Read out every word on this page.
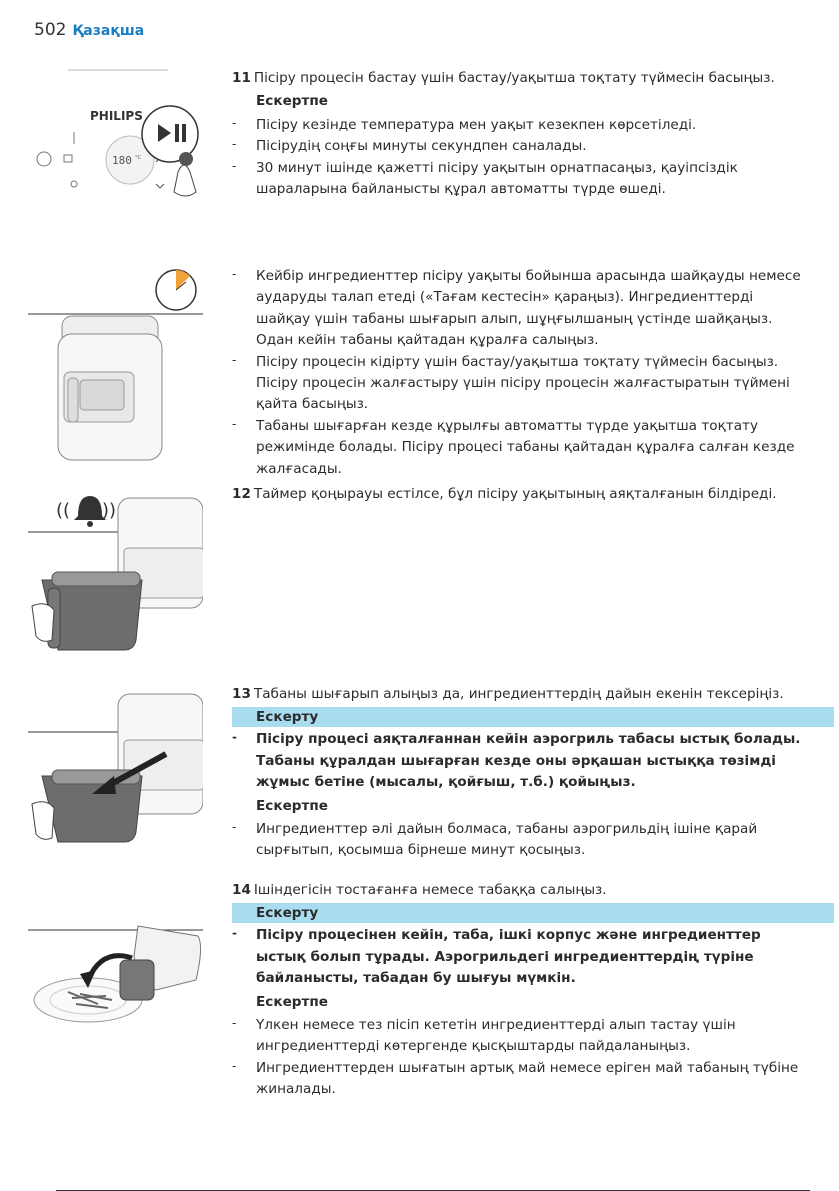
502 Қазақша
PHILIPS
180 °C
(( ))

11 Пісіру процесін бастау үшін бастау/уақытша тоқтату түймесін басыңыз.

Ескертпе
- Пісіру кезінде температура мен уақыт кезекпен көрсетіледі.
- Пісірудің соңғы минуты секундпен саналады.
- 30 минут ішінде қажетті пісіру уақытын орнатпасаңыз, қауіпсіздік шараларына байланысты құрал автоматты түрде өшеді.
- Кейбір ингредиенттер пісіру уақыты бойынша арасында шайқауды немесе аударуды талап етеді («Тағам кестесін» қараңыз). Ингредиенттерді шайқау үшін табаны шығарып алып, шұңғылшаның үстінде шайқаңыз. Одан кейін табаны қайтадан құралға салыңыз.
- Пісіру процесін кідірту үшін бастау/уақытша тоқтату түймесін басыңыз. Пісіру процесін жалғастыру үшін пісіру процесін жалғастыратын түймені қайта басыңыз.
- Табаны шығарған кезде құрылғы автоматты түрде уақытша тоқтату режимінде болады. Пісіру процесі табаны қайтадан құралға салған кезде жалғасады.

12 Таймер қоңырауы естілсе, бұл пісіру уақытының аяқталғанын білдіреді.

13 Табаны шығарып алыңыз да, ингредиенттердің дайын екенін тексеріңіз.

Ескерту
- Пісіру процесі аяқталғаннан кейін аэрогриль табасы ыстық болады. Табаны құралдан шығарған кезде оны әрқашан ыстыққа төзімді жұмыс бетіне (мысалы, қойғыш, т.б.) қойыңыз.
Ескертпе
- Ингредиенттер әлі дайын болмаса, табаны аэрогрильдің ішіне қарай сырғытып, қосымша бірнеше минут қосыңыз.

14 Ішіндегісін тостағанға немесе табаққа салыңыз.

Ескерту
- Пісіру процесінен кейін, таба, ішкі корпус және ингредиенттер ыстық болып тұрады. Аэрогрильдегі ингредиенттердің түріне байланысты, табадан бу шығуы мүмкін.
Ескертпе
- Үлкен немесе тез пісіп кететін ингредиенттерді алып тастау үшін ингредиенттерді көтергенде қысқыштарды пайдаланыңыз.
- Ингредиенттерден шығатын артық май немесе еріген май табаның түбіне жиналады.
